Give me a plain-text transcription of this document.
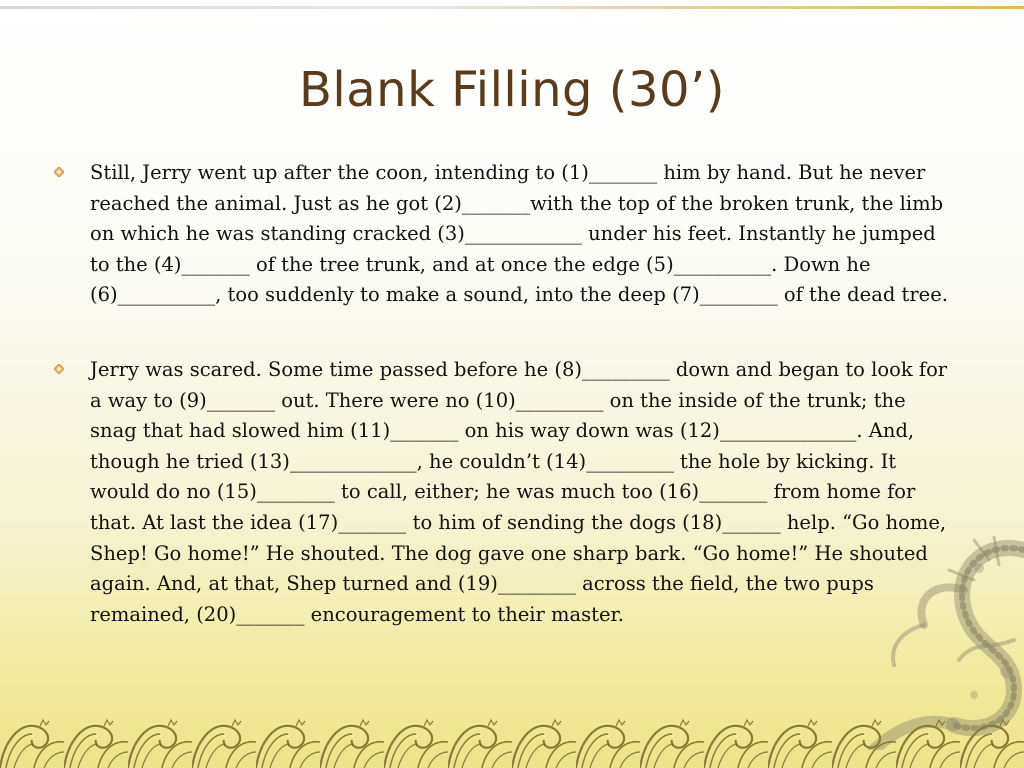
Blank Filling (30’)
Still, Jerry went up after the coon, intending to (1)_______ him by hand. But he never reached the animal. Just as he got (2)_______with the top of the broken trunk, the limb on which he was standing cracked (3)____________ under his feet. Instantly he jumped to the (4)_______ of the tree trunk, and at once the edge (5)__________. Down he (6)__________, too suddenly to make a sound, into the deep (7)________ of the dead tree.
Jerry was scared. Some time passed before he (8)_________ down and began to look for a way to (9)_______ out. There were no (10)_________ on the inside of the trunk; the snag that had slowed him (11)_______ on his way down was (12)______________. And, though he tried (13)_____________, he couldn’t (14)_________ the hole by kicking. It would do no (15)________ to call, either; he was much too (16)_______ from home for that. At last the idea (17)_______ to him of sending the dogs (18)______ help. “Go home, Shep! Go home!” He shouted. The dog gave one sharp bark. “Go home!” He shouted again. And, at that, Shep turned and (19)________ across the field, the two pups remained, (20)_______ encouragement to their master.
